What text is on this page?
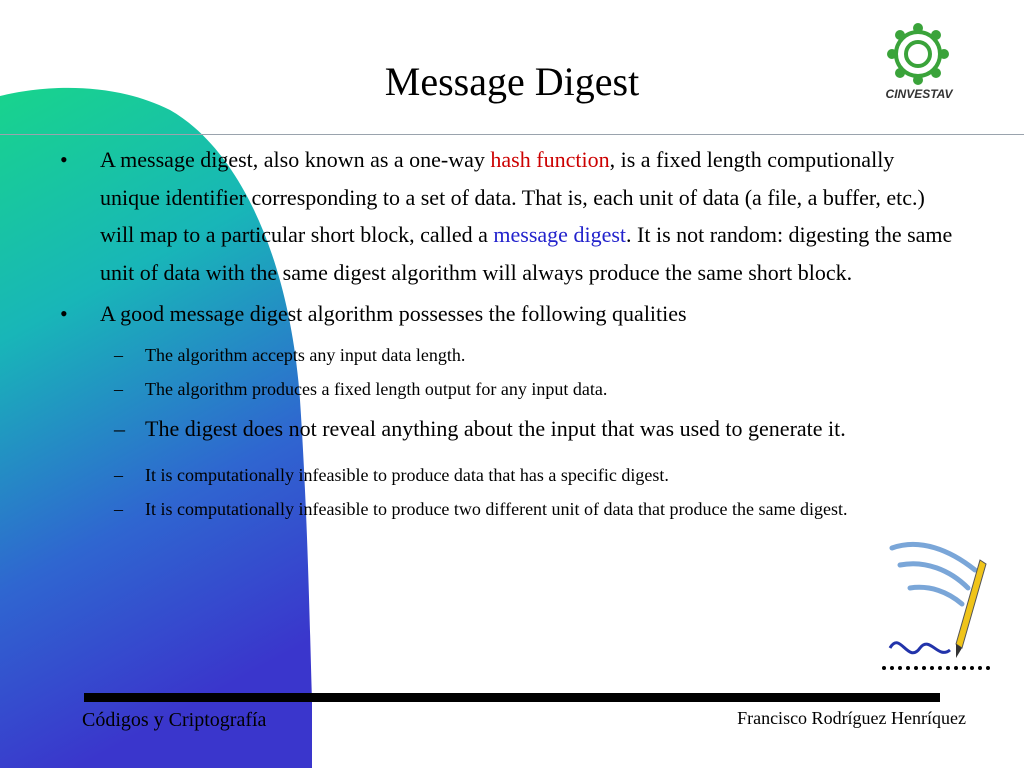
CINVESTAV
Message Digest
• A message digest, also known as a one-way hash function, is a fixed length computionally unique identifier corresponding to a set of data. That is, each unit of data (a file, a buffer, etc.) will map to a particular short block, called a message digest. It is not random: digesting the same unit of data with the same digest algorithm will always produce the same short block.
• A good message digest algorithm possesses the following qualities
– The algorithm accepts any input data length.
– The algorithm produces a fixed length output for any input data.
– The digest does not reveal anything about the input that was used to generate it.
– It is computationally infeasible to produce data that has a specific digest.
– It is computationally infeasible to produce two different unit of data that produce the same digest.
Códigos y Criptografía	Francisco Rodríguez Henríquez
